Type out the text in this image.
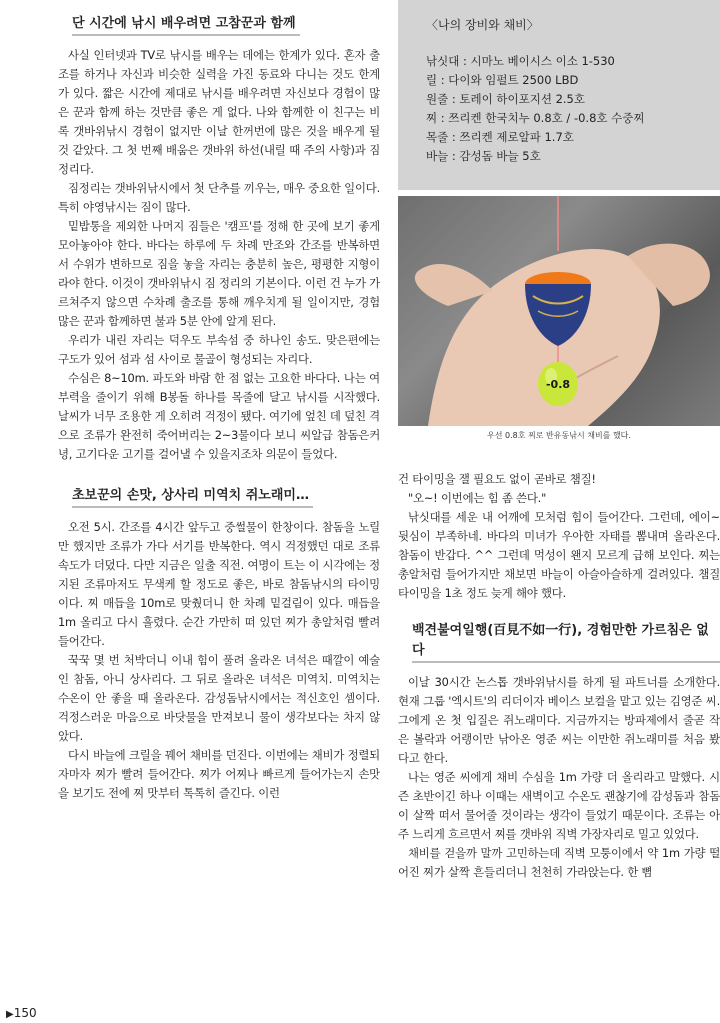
단 시간에 낚시 배우려면 고참꾼과 함께

사실 인터넷과 TV로 낚시를 배우는 데에는 한계가 있다. 혼자 출조를 하거나 자신과 비슷한 실력을 가진 동료와 다니는 것도 한계가 있다. 짧은 시간에 제대로 낚시를 배우려면 자신보다 경험이 많은 꾼과 함께 하는 것만큼 좋은 게 없다. 나와 함께한 이 친구는 비록 갯바위낚시 경험이 없지만 이날 한꺼번에 많은 것을 배우게 될 것 같았다. 그 첫 번째 배움은 갯바위 하선(내릴 때 주의 사항)과 짐정리다.

짐정리는 갯바위낚시에서 첫 단추를 끼우는, 매우 중요한 일이다. 특히 야영낚시는 짐이 많다.

밑밥통을 제외한 나머지 짐들은 '캠프'를 정해 한 곳에 보기 좋게 모아놓아야 한다. 바다는 하루에 두 차례 만조와 간조를 반복하면서 수위가 변하므로 짐을 놓을 자리는 충분히 높은, 평평한 지형이라야 한다. 이것이 갯바위낚시 짐 정리의 기본이다. 이런 건 누가 가르쳐주지 않으면 수차례 출조를 통해 깨우치게 될 일이지만, 경험 많은 꾼과 함께하면 불과 5분 안에 알게 된다.

우리가 내린 자리는 덕우도 부속섬 중 하나인 송도. 맞은편에는 구도가 있어 섬과 섬 사이로 물골이 형성되는 자리다.

수심은 8~10m. 파도와 바람 한 점 없는 고요한 바다다. 나는 여부력을 줄이기 위해 B봉돌 하나를 목줄에 달고 낚시를 시작했다. 날씨가 너무 조용한 게 오히려 걱정이 됐다. 여기에 엎친 데 덮친 격으로 조류가 완전히 죽어버리는 2~3물이다 보니 씨알급 참돔은커녕, 고기다운 고기를 걸어낼 수 있을지조차 의문이 들었다.

초보꾼의 손맛, 상사리 미역치 쥐노래미…

오전 5시. 간조를 4시간 앞두고 중썰물이 한창이다. 참돔을 노릴만 했지만 조류가 가다 서기를 반복한다. 역시 걱정했던 대로 조류 속도가 더뎠다. 다만 지금은 일출 직전. 여명이 트는 이 시각에는 정지된 조류마저도 무색케 할 정도로 좋은, 바로 참돔낚시의 타이밍이다. 찌 매듭을 10m로 맞췄더니 한 차례 밑걸림이 있다. 매듭을 1m 올리고 다시 흘렸다. 순간 가만히 떠 있던 찌가 총알처럼 빨려 들어간다.

꾹꾹 몇 번 처박더니 이내 힘이 풀려 올라온 녀석은 때깔이 예술인 참돔, 아니 상사리다. 그 뒤로 올라온 녀석은 미역치. 미역치는 수온이 안 좋을 때 올라온다. 감성돔낚시에서는 적신호인 셈이다. 걱정스러운 마음으로 바닷물을 만져보니 물이 생각보다는 차지 않았다.

다시 바늘에 크릴을 꿰어 채비를 던진다. 이번에는 채비가 정렬되자마자 찌가 빨려 들어간다. 찌가 어찌나 빠르게 들어가는지 손맛을 보기도 전에 찌 맛부터 톡톡히 즐긴다. 이런

〈나의 장비와 채비〉

낚싯대 : 시마노 베이시스 이소 1-530

릴 : 다이와 임펄트 2500 LBD

원줄 : 토레이 하이포지션 2.5호

찌 : 쯔리켄 한국치누 0.8호 / -0.8호 수중찌

목줄 : 쯔리켄 제로알파 1.7호

바늘 : 감성돔 바늘 5호

-0.8

우선 0.8호 찌로 반유동낚시 채비를 했다.

건 타이밍을 잴 필요도 없이 곧바로 챔질!

"오~! 이번에는 힘 좀 쓴다."

낚싯대를 세운 내 어깨에 모처럼 힘이 들어간다. 그런데, 에이~ 뒷심이 부족하네. 바다의 미녀가 우아한 자태를 뽐내며 올라온다. 참돔이 반갑다. ^^ 그런데 먹성이 왠지 모르게 급해 보인다. 찌는 총알처럼 들어가지만 채보면 바늘이 아슬아슬하게 걸려있다. 챔질 타이밍을 1초 정도 늦게 해야 했다.

백견불여일행(百見不如一行), 경험만한 가르침은 없다

이날 30시간 논스톱 갯바위낚시를 하게 될 파트너를 소개한다. 현재 그룹 '엑시트'의 리더이자 베이스 보컬을 맡고 있는 김영준 씨. 그에게 온 첫 입질은 쥐노래미다. 지금까지는 방파제에서 줄곧 작은 볼락과 어랭이만 낚아온 영준 씨는 이만한 쥐노래미를 처음 봤다고 한다.

나는 영준 씨에게 채비 수심을 1m 가량 더 올리라고 말했다. 시즌 초반이긴 하나 이때는 새벽이고 수온도 괜찮기에 감성돔과 참돔이 살짝 떠서 물어줄 것이라는 생각이 들었기 때문이다. 조류는 아주 느리게 흐르면서 찌를 갯바위 직벽 가장자리로 밀고 있었다.

채비를 걷을까 말까 고민하는데 직벽 모퉁이에서 약 1m 가량 떨어진 찌가 살짝 흔들리더니 천천히 가라앉는다. 한 뼘

▶150
